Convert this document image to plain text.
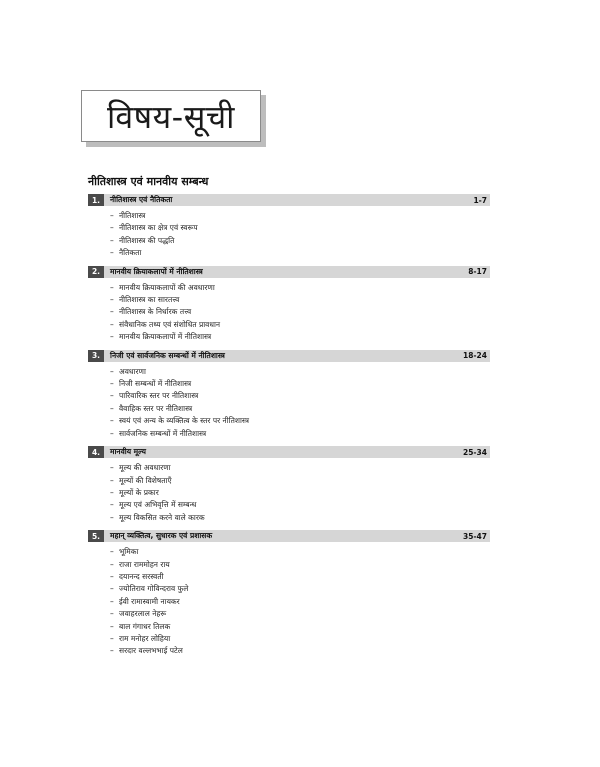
विषय-सूची
नीतिशास्त्र एवं मानवीय सम्बन्ध
1.	नीतिशास्त्र एवं नैतिकता	1-7
– नीतिशास्त्र
– नीतिशास्त्र का क्षेत्र एवं स्वरूप
– नीतिशास्त्र की पद्धति
– नैतिकता
2.	मानवीय क्रियाकलापों में नीतिशास्त्र	8-17
– मानवीय क्रियाकलापों की अवधारणा
– नीतिशास्त्र का सारतत्त्व
– नीतिशास्त्र के निर्धारक तत्त्व
– संवैधानिक तथ्य एवं संशोधित प्रावधान
– मानवीय क्रियाकलापों में नीतिशास्त्र
3.	निजी एवं सार्वजनिक सम्बन्धों में नीतिशास्त्र	18-24
– अवधारणा
– निजी सम्बन्धों में नीतिशास्त्र
– पारिवारिक स्तर पर नीतिशास्त्र
– वैवाहिक स्तर पर नीतिशास्त्र
– स्वयं एवं अन्य के व्यक्तित्व के स्तर पर नीतिशास्त्र
– सार्वजनिक सम्बन्धों में नीतिशास्त्र
4.	मानवीय मूल्य	25-34
– मूल्य की अवधारणा
– मूल्यों की विशेषताएँ
– मूल्यों के प्रकार
– मूल्य एवं अभिवृत्ति में सम्बन्ध
– मूल्य विकसित करने वाले कारक
5.	महान् व्यक्तित्व, सुधारक एवं प्रशासक	35-47
– भूमिका
– राजा राममोहन राय
– दयानन्द सरस्वती
– ज्योतिराव गोविन्दराव फुले
– ईवी रामास्वामी नायकर
– जवाहरलाल नेहरू
– बाल गंगाधर तिलक
– राम मनोहर लोहिया
– सरदार वल्लभभाई पटेल
